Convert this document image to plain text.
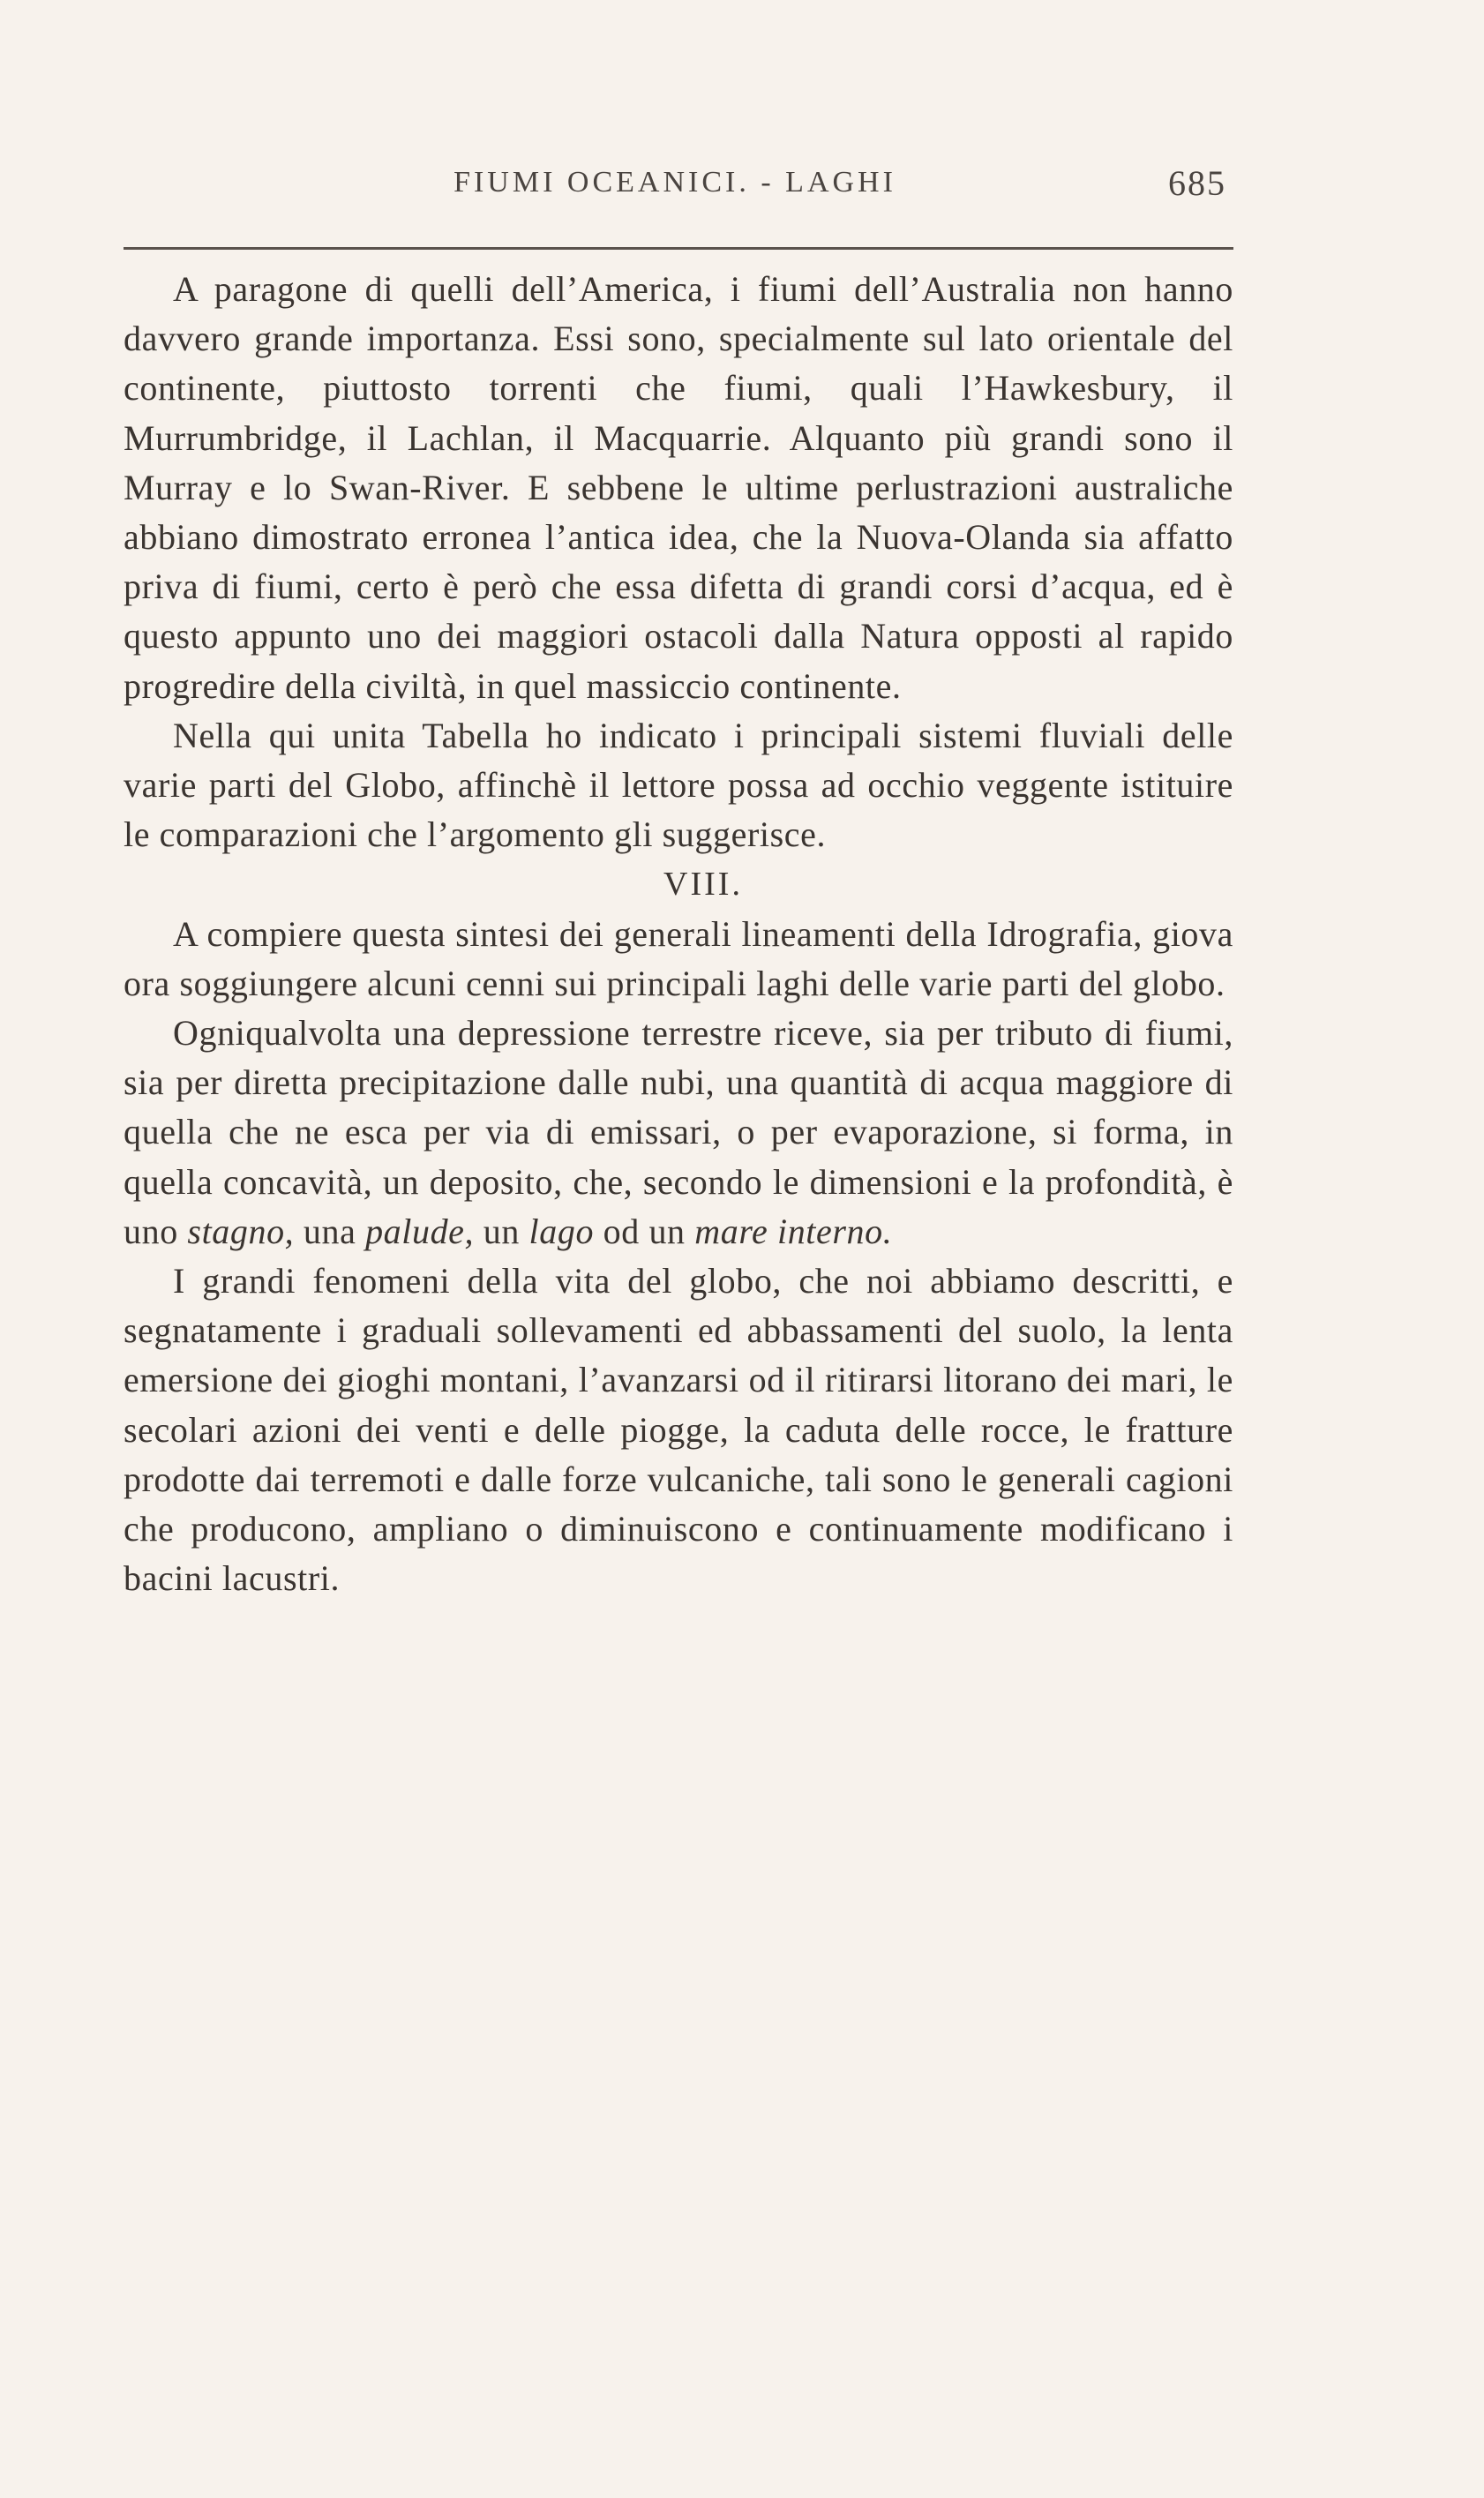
FIUMI OCEANICI. - LAGHI	685

A paragone di quelli dell’America, i fiumi dell’Australia non hanno davvero grande importanza. Essi sono, specialmente sul lato orientale del continente, piuttosto torrenti che fiumi, quali l’Hawkesbury, il Murrumbridge, il Lachlan, il Macquarrie. Alquanto più grandi sono il Murray e lo Swan-River. E sebbene le ultime perlustrazioni australiche abbiano dimostrato erronea l’antica idea, che la Nuova-Olanda sia affatto priva di fiumi, certo è però che essa difetta di grandi corsi d’acqua, ed è questo appunto uno dei maggiori ostacoli dalla Natura opposti al rapido progredire della civiltà, in quel massiccio continente.

Nella qui unita Tabella ho indicato i principali sistemi fluviali delle varie parti del Globo, affinchè il lettore possa ad occhio veggente istituire le comparazioni che l’argomento gli suggerisce.

VIII.

A compiere questa sintesi dei generali lineamenti della Idrografia, giova ora soggiungere alcuni cenni sui principali laghi delle varie parti del globo.

Ogniqualvolta una depressione terrestre riceve, sia per tributo di fiumi, sia per diretta precipitazione dalle nubi, una quantità di acqua maggiore di quella che ne esca per via di emissari, o per evaporazione, si forma, in quella concavità, un deposito, che, secondo le dimensioni e la profondità, è uno stagno, una palude, un lago od un mare interno.

I grandi fenomeni della vita del globo, che noi abbiamo descritti, e segnatamente i graduali sollevamenti ed abbassamenti del suolo, la lenta emersione dei gioghi montani, l’avanzarsi od il ritirarsi litorano dei mari, le secolari azioni dei venti e delle piogge, la caduta delle rocce, le fratture prodotte dai terremoti e dalle forze vulcaniche, tali sono le generali cagioni che producono, ampliano o diminuiscono e continuamente modificano i bacini lacustri.
